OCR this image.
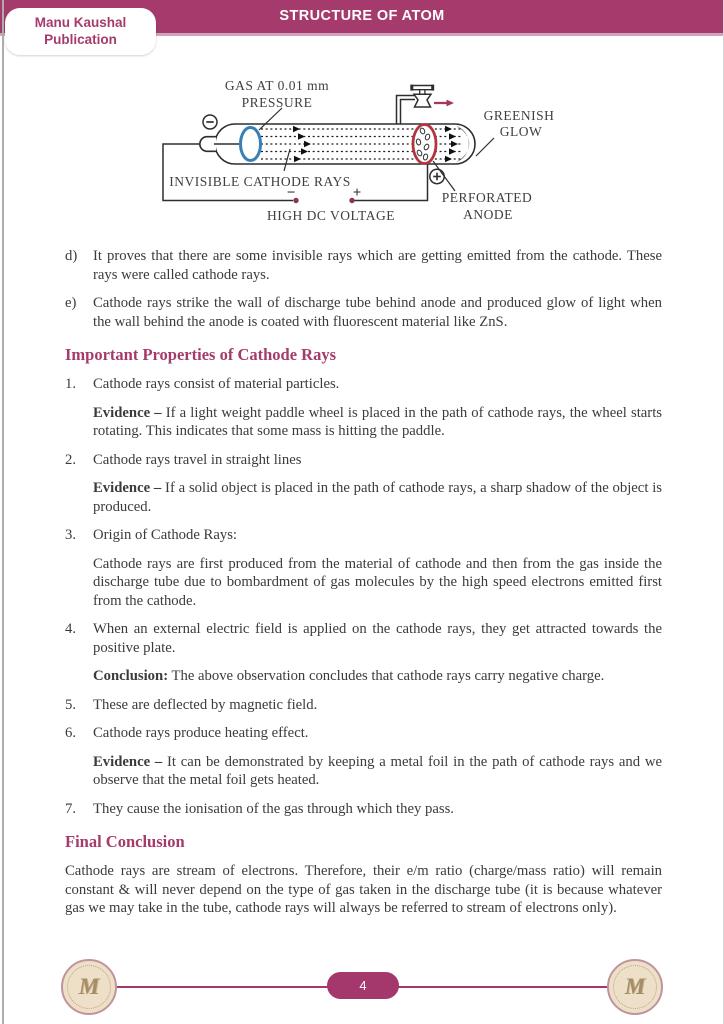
STRUCTURE OF ATOM
Manu Kaushal
Publication
GAS AT 0.01 mm
PRESSURE
GREENISH
GLOW
INVISIBLE CATHODE RAYS
HIGH DC VOLTAGE
PERFORATED
ANODE
−	+
d)	It proves that there are some invisible rays which are getting emitted from the cathode. These rays were called cathode rays.

e)	Cathode rays strike the wall of discharge tube behind anode and produced glow of light when the wall behind the anode is coated with fluorescent material like ZnS.

Important Properties of Cathode Rays
1.	Cathode rays consist of material particles.

Evidence – If a light weight paddle wheel is placed in the path of cathode rays, the wheel starts rotating. This indicates that some mass is hitting the paddle.

2.	Cathode rays travel in straight lines

Evidence – If a solid object is placed in the path of cathode rays, a sharp shadow of the object is produced.

3.	Origin of Cathode Rays:

Cathode rays are first produced from the material of cathode and then from the gas inside the discharge tube due to bombardment of gas molecules by the high speed electrons emitted first from the cathode.

4.	When an external electric field is applied on the cathode rays, they get attracted towards the positive plate.

Conclusion: The above observation concludes that cathode rays carry negative charge.

5.	These are deflected by magnetic field.

6.	Cathode rays produce heating effect.

Evidence – It can be demonstrated by keeping a metal foil in the path of cathode rays and we observe that the metal foil gets heated.

7.	They cause the ionisation of the gas through which they pass.

Final Conclusion

Cathode rays are stream of electrons. Therefore, their e/m ratio (charge/mass ratio) will remain constant & will never depend on the type of gas taken in the discharge tube (it is because whatever gas we may take in the tube, cathode rays will always be referred to stream of electrons only).

M	M
4
